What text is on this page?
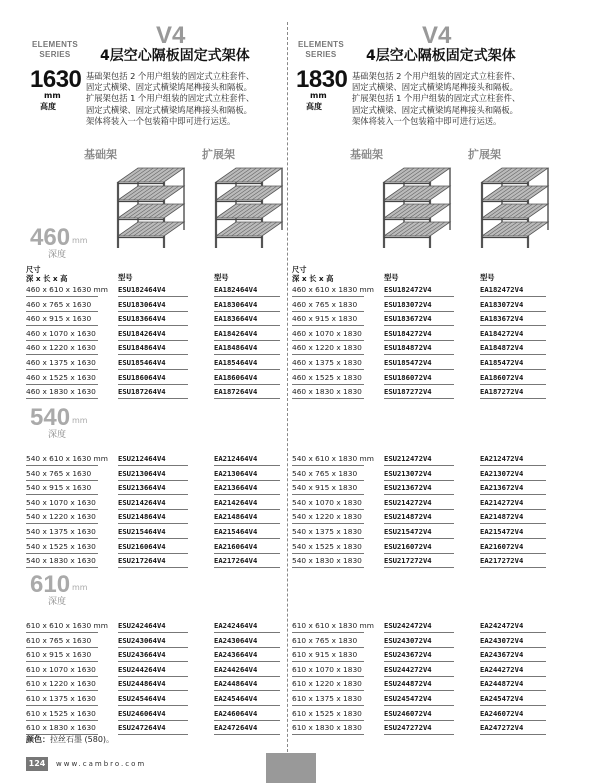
ELEMENTS
SERIES
V4
4层空心隔板固定式架体
1630
mm
高度
基础架包括 2 个用户组装的固定式立柱套件、
固定式横梁、固定式横梁鸠尾榫接头和隔板。
扩展架包括 1 个用户组装的固定式立柱套件、
固定式横梁、固定式横梁鸠尾榫接头和隔板。
架体将装入一个包装箱中即可进行运送。
基础架	扩展架
尺寸
深 x 长 x 高	型号	型号
460 mm
深度
460 x 610 x 1630 mm ESU182464V4	EA182464V4
460 x 765 x 1630	ESU183064V4	EA183064V4
460 x 915 x 1630	ESU183664V4	EA183664V4
460 x 1070 x 1630	ESU184264V4	EA184264V4
460 x 1220 x 1630	ESU184864V4	EA184864V4
460 x 1375 x 1630	ESU185464V4	EA185464V4
460 x 1525 x 1630	ESU186064V4	EA186064V4
460 x 1830 x 1630	ESU187264V4	EA187264V4
540 mm
深度
540 x 610 x 1630 mm ESU212464V4	EA212464V4
540 x 765 x 1630	ESU213064V4	EA213064V4
540 x 915 x 1630	ESU213664V4	EA213664V4
540 x 1070 x 1630	ESU214264V4	EA214264V4
540 x 1220 x 1630	ESU214864V4	EA214864V4
540 x 1375 x 1630	ESU215464V4	EA215464V4
540 x 1525 x 1630	ESU216064V4	EA216064V4
540 x 1830 x 1630	ESU217264V4	EA217264V4
610 mm
深度
610 x 610 x 1630 mm ESU242464V4	EA242464V4
610 x 765 x 1630	ESU243064V4	EA243064V4
610 x 915 x 1630	ESU243664V4	EA243664V4
610 x 1070 x 1630	ESU244264V4	EA244264V4
610 x 1220 x 1630	ESU244864V4	EA244864V4
610 x 1375 x 1630	ESU245464V4	EA245464V4
610 x 1525 x 1630	ESU246064V4	EA246064V4
610 x 1830 x 1630	ESU247264V4	EA247264V4
ELEMENTS
SERIES
V4
4层空心隔板固定式架体
1830
mm
高度
基础架包括 2 个用户组装的固定式立柱套件、
固定式横梁、固定式横梁鸠尾榫接头和隔板。
扩展架包括 1 个用户组装的固定式立柱套件、
固定式横梁、固定式横梁鸠尾榫接头和隔板。
架体将装入一个包装箱中即可进行运送。
基础架	扩展架
尺寸
深 x 长 x 高	型号	型号
460 x 610 x 1830 mm ESU182472V4	EA182472V4
460 x 765 x 1830	ESU183072V4	EA183072V4
460 x 915 x 1830	ESU183672V4	EA183672V4
460 x 1070 x 1830	ESU184272V4	EA184272V4
460 x 1220 x 1830	ESU184872V4	EA184872V4
460 x 1375 x 1830	ESU185472V4	EA185472V4
460 x 1525 x 1830	ESU186072V4	EA186072V4
460 x 1830 x 1830	ESU187272V4	EA187272V4
540 x 610 x 1830 mm ESU212472V4	EA212472V4
540 x 765 x 1830	ESU213072V4	EA213072V4
540 x 915 x 1830	ESU213672V4	EA213672V4
540 x 1070 x 1830	ESU214272V4	EA214272V4
540 x 1220 x 1830	ESU214872V4	EA214872V4
540 x 1375 x 1830	ESU215472V4	EA215472V4
540 x 1525 x 1830	ESU216072V4	EA216072V4
540 x 1830 x 1830	ESU217272V4	EA217272V4
610 x 610 x 1830 mm ESU242472V4	EA242472V4
610 x 765 x 1830	ESU243072V4	EA243072V4
610 x 915 x 1830	ESU243672V4	EA243672V4
610 x 1070 x 1830	ESU244272V4	EA244272V4
610 x 1220 x 1830	ESU244872V4	EA244872V4
610 x 1375 x 1830	ESU245472V4	EA245472V4
610 x 1525 x 1830	ESU246072V4	EA246072V4
610 x 1830 x 1830	ESU247272V4	EA247272V4
颜色：拉丝石墨 (580)。
124	www.cambro.com
